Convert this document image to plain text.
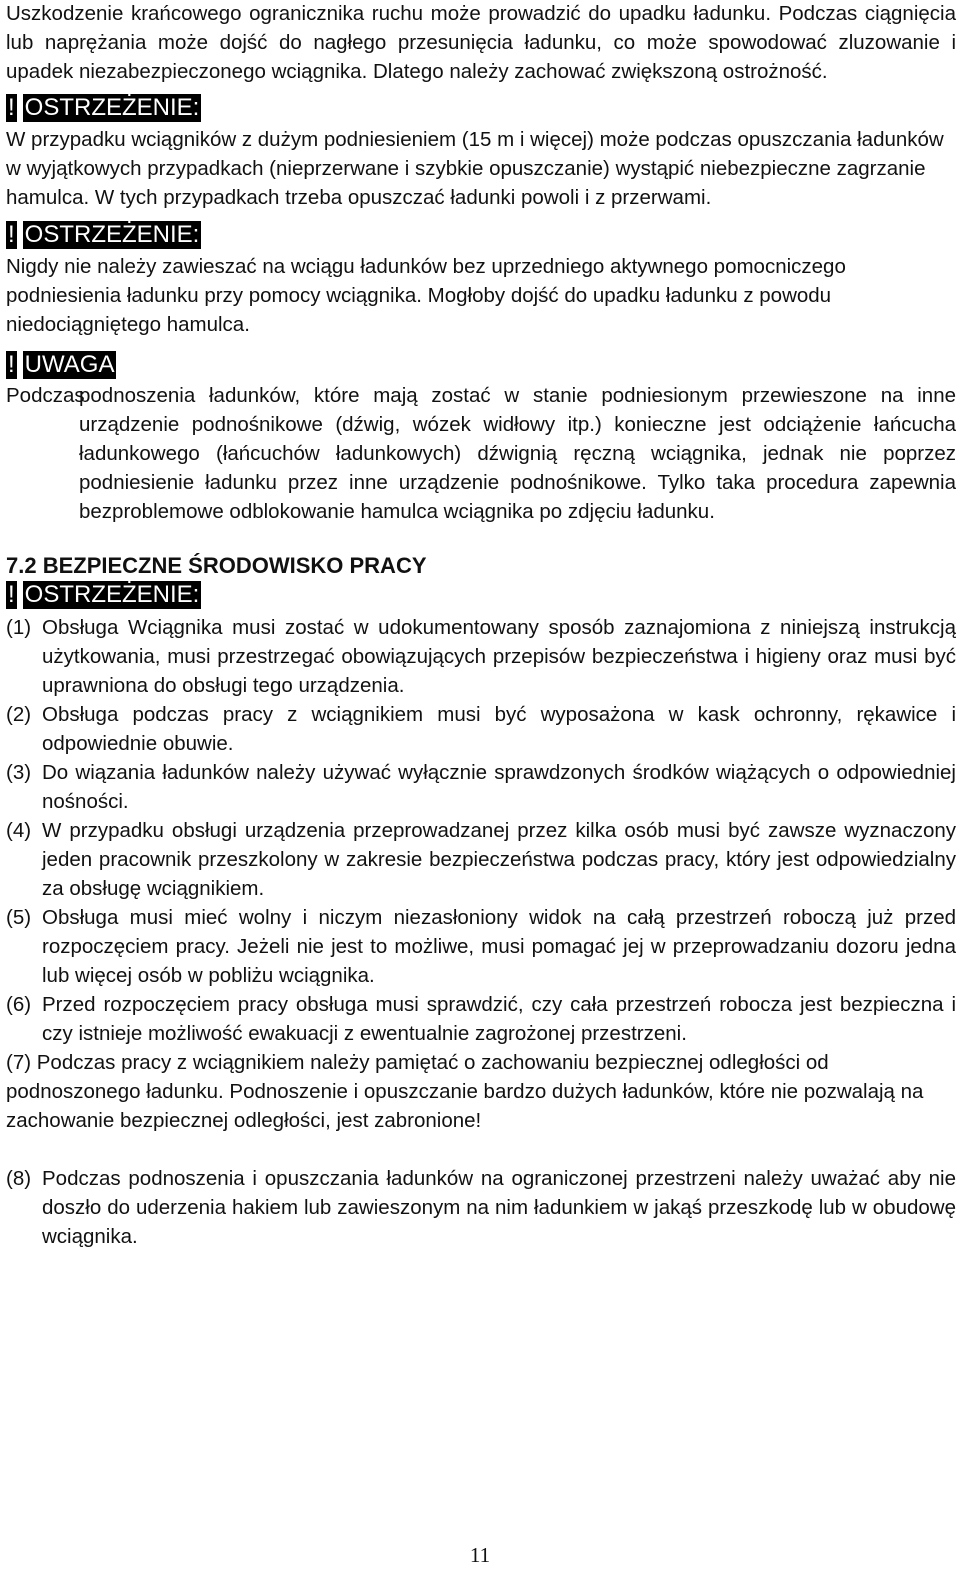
Uszkodzenie krańcowego ogranicznika ruchu może prowadzić do upadku ładunku. Podczas ciągnięcia lub naprężania może dojść do nagłego przesunięcia ładunku, co może spowodować zluzowanie i upadek niezabezpieczonego wciągnika. Dlatego należy zachować zwiększoną ostrożność.

! OSTRZEŻENIE:

W przypadku wciągników z dużym podniesieniem (15 m i więcej) może podczas opuszczania ładunków w wyjątkowych przypadkach (nieprzerwane i szybkie opuszczanie) wystąpić niebezpieczne zagrzanie hamulca. W tych przypadkach trzeba opuszczać ładunki powoli i z przerwami.

! OSTRZEŻENIE:

Nigdy nie należy zawieszać na wciągu ładunków bez uprzedniego aktywnego pomocniczego podniesienia ładunku przy pomocy wciągnika. Mogłoby dojść do upadku ładunku z powodu niedociągniętego hamulca.

! UWAGA
Podczas
podnoszenia ładunków, które mają zostać w stanie podniesionym przewieszone na inne urządzenie podnośnikowe (dźwig, wózek widłowy itp.) konieczne jest odciążenie łańcucha ładunkowego (łańcuchów ładunkowych) dźwignią ręczną wciągnika, jednak nie poprzez podniesienie ładunku przez inne urządzenie podnośnikowe. Tylko taka procedura zapewnia bezproblemowe odblokowanie hamulca wciągnika po zdjęciu ładunku.

7.2 BEZPIECZNE ŚRODOWISKO PRACY

! OSTRZEŻENIE:
(1) Obsługa Wciągnika musi zostać w udokumentowany sposób zaznajomiona z niniejszą instrukcją użytkowania, musi przestrzegać obowiązujących przepisów bezpieczeństwa i higieny oraz musi być uprawniona do obsługi tego urządzenia.
(2) Obsługa podczas pracy z wciągnikiem musi być wyposażona w kask ochronny, rękawice i odpowiednie obuwie.
(3) Do wiązania ładunków należy używać wyłącznie sprawdzonych środków wiążących o odpowiedniej nośności.
(4) W przypadku obsługi urządzenia przeprowadzanej przez kilka osób musi być zawsze wyznaczony jeden pracownik przeszkolony w zakresie bezpieczeństwa podczas pracy, który jest odpowiedzialny za obsługę wciągnikiem.
(5) Obsługa musi mieć wolny i niczym niezasłoniony widok na całą przestrzeń roboczą już przed rozpoczęciem pracy. Jeżeli nie jest to możliwe, musi pomagać jej w przeprowadzaniu dozoru jedna lub więcej osób w pobliżu wciągnika.
(6) Przed rozpoczęciem pracy obsługa musi sprawdzić, czy cała przestrzeń robocza jest bezpieczna i czy istnieje możliwość ewakuacji z ewentualnie zagrożonej przestrzeni.

(7) Podczas pracy z wciągnikiem należy pamiętać o zachowaniu bezpiecznej odległości od podnoszonego ładunku. Podnoszenie i opuszczanie bardzo dużych ładunków, które nie pozwalają na zachowanie bezpiecznej odległości, jest zabronione!

(8) Podczas podnoszenia i opuszczania ładunków na ograniczonej przestrzeni należy uważać aby nie doszło do uderzenia hakiem lub zawieszonym na nim ładunkiem w jakąś przeszkodę lub w obudowę wciągnika.
11
